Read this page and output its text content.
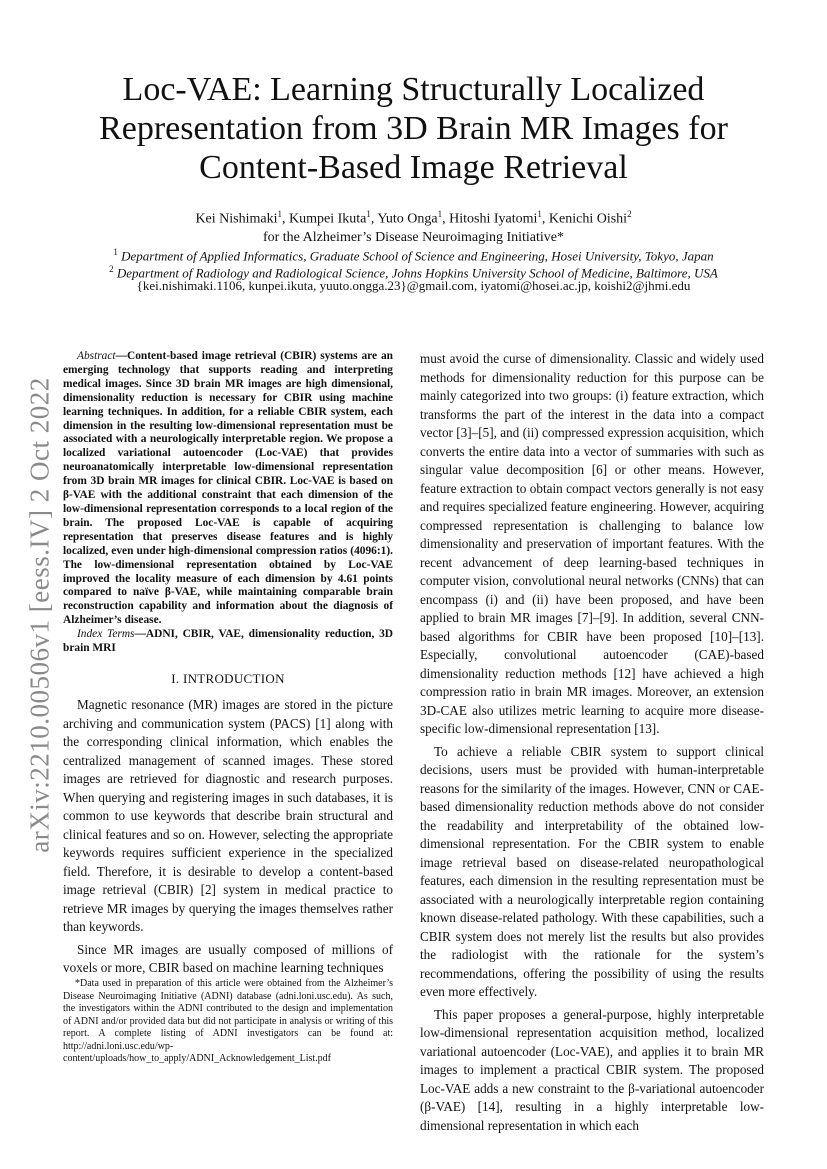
arXiv:2210.00506v1 [eess.IV] 2 Oct 2022
Loc-VAE: Learning Structurally Localized Representation from 3D Brain MR Images for Content-Based Image Retrieval
Kei Nishimaki$^1$, Kumpei Ikuta$^1$, Yuto Onga$^1$, Hitoshi Iyatomi$^1$, Kenichi Oishi$^2$
for the Alzheimer’s Disease Neuroimaging Initiative*
$^1$ Department of Applied Informatics, Graduate School of Science and Engineering, Hosei University, Tokyo, Japan
$^2$ Department of Radiology and Radiological Science, Johns Hopkins University School of Medicine, Baltimore, USA
{kei.nishimaki.1106, kunpei.ikuta, yuuto.ongga.23}@gmail.com, iyatomi@hosei.ac.jp, koishi2@jhmi.edu

Abstract—Content-based image retrieval (CBIR) systems are an emerging technology that supports reading and interpreting medical images. Since 3D brain MR images are high dimensional, dimensionality reduction is necessary for CBIR using machine learning techniques. In addition, for a reliable CBIR system, each dimension in the resulting low-dimensional representation must be associated with a neurologically interpretable region. We propose a localized variational autoencoder (Loc-VAE) that provides neuroanatomically interpretable low-dimensional representation from 3D brain MR images for clinical CBIR. Loc-VAE is based on β-VAE with the additional constraint that each dimension of the low-dimensional representation corresponds to a local region of the brain. The proposed Loc-VAE is capable of acquiring representation that preserves disease features and is highly localized, even under high-dimensional compression ratios (4096:1). The low-dimensional representation obtained by Loc-VAE improved the locality measure of each dimension by 4.61 points compared to naïve β-VAE, while maintaining comparable brain reconstruction capability and information about the diagnosis of Alzheimer’s disease.

Index Terms—ADNI, CBIR, VAE, dimensionality reduction, 3D brain MRI

I. INTRODUCTION

Magnetic resonance (MR) images are stored in the picture archiving and communication system (PACS) [1] along with the corresponding clinical information, which enables the centralized management of scanned images. These stored images are retrieved for diagnostic and research purposes. When querying and registering images in such databases, it is common to use keywords that describe brain structural and clinical features and so on. However, selecting the appropriate keywords requires sufficient experience in the specialized field. Therefore, it is desirable to develop a content-based image retrieval (CBIR) [2] system in medical practice to retrieve MR images by querying the images themselves rather than keywords.

Since MR images are usually composed of millions of voxels or more, CBIR based on machine learning techniques

*Data used in preparation of this article were obtained from the Alzheimer’s Disease Neuroimaging Initiative (ADNI) database (adni.loni.usc.edu). As such, the investigators within the ADNI contributed to the design and implementation of ADNI and/or provided data but did not participate in analysis or writing of this report. A complete listing of ADNI investigators can be found at: http://adni.loni.usc.edu/wp-content/uploads/how_to_apply/ADNI_Acknowledgement_List.pdf

must avoid the curse of dimensionality. Classic and widely used methods for dimensionality reduction for this purpose can be mainly categorized into two groups: (i) feature extraction, which transforms the part of the interest in the data into a compact vector [3]–[5], and (ii) compressed expression acquisition, which converts the entire data into a vector of summaries with such as singular value decomposition [6] or other means. However, feature extraction to obtain compact vectors generally is not easy and requires specialized feature engineering. However, acquiring compressed representation is challenging to balance low dimensionality and preservation of important features. With the recent advancement of deep learning-based techniques in computer vision, convolutional neural networks (CNNs) that can encompass (i) and (ii) have been proposed, and have been applied to brain MR images [7]–[9]. In addition, several CNN-based algorithms for CBIR have been proposed [10]–[13]. Especially, convolutional autoencoder (CAE)-based dimensionality reduction methods [12] have achieved a high compression ratio in brain MR images. Moreover, an extension 3D-CAE also utilizes metric learning to acquire more disease-specific low-dimensional representation [13].

To achieve a reliable CBIR system to support clinical decisions, users must be provided with human-interpretable reasons for the similarity of the images. However, CNN or CAE-based dimensionality reduction methods above do not consider the readability and interpretability of the obtained low-dimensional representation. For the CBIR system to enable image retrieval based on disease-related neuropathological features, each dimension in the resulting representation must be associated with a neurologically interpretable region containing known disease-related pathology. With these capabilities, such a CBIR system does not merely list the results but also provides the radiologist with the rationale for the system’s recommendations, offering the possibility of using the results even more effectively.

This paper proposes a general-purpose, highly interpretable low-dimensional representation acquisition method, localized variational autoencoder (Loc-VAE), and applies it to brain MR images to implement a practical CBIR system. The proposed Loc-VAE adds a new constraint to the β-variational autoencoder (β-VAE) [14], resulting in a highly interpretable low-dimensional representation in which each
